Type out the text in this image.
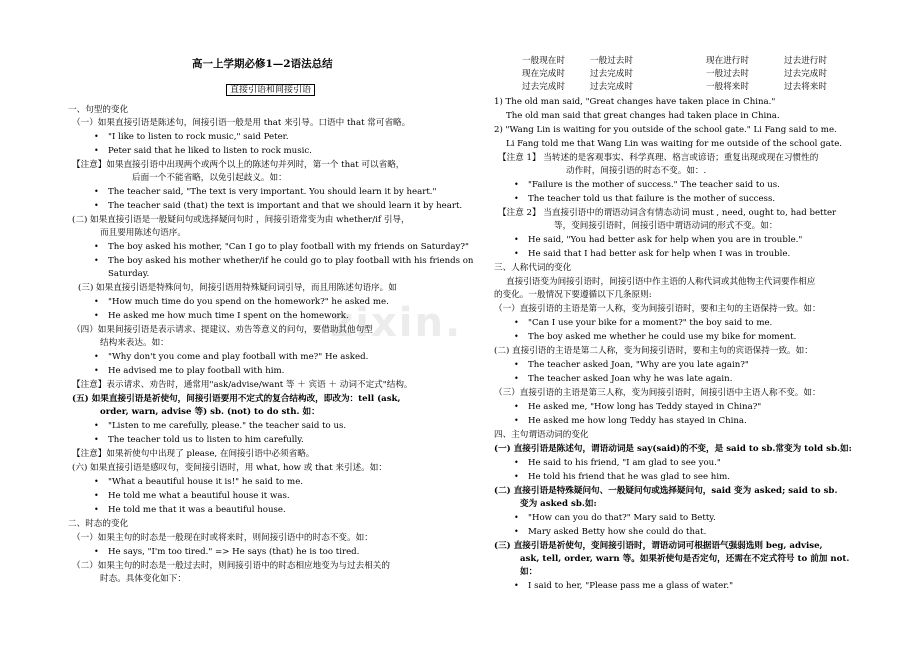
zixin.
高一上学期必修1—2语法总结
直接引语和间接引语
一、句型的变化
（一）如果直接引语是陈述句，间接引语一般是用 that 来引导。口语中 that 常可省略。
• "I like to listen to rock music," said Peter.
• Peter said that he liked to listen to rock music.
【注意】如果直接引语中出现两个或两个以上的陈述句并列时，第一个 that 可以省略，
后面一个不能省略，以免引起歧义。如：
• The teacher said, "The text is very important. You should learn it by heart."
• The teacher said (that) the text is important and that we should learn it by heart.
(二) 如果直接引语是一般疑问句或选择疑问句时 ，间接引语常变为由 whether/if 引导，
而且要用陈述句语序。
• The boy asked his mother, "Can I go to play football with my friends on Saturday?"
• The boy asked his mother whether/if he could go to play football with his friends on
Saturday.
(三) 如果直接引语是特殊问句，间接引语用特殊疑问词引导，而且用陈述句语序。如
• "How much time do you spend on the homework?" he asked me.
• He asked me how much time I spent on the homework.
（四）如果间接引语是表示请求、提建议、劝告等意义的问句，要借助其他句型
结构来表达。如：
• "Why don't you come and play football with me?" He asked.
• He advised me to play football with him.
【注意】表示请求、劝告时，通常用"ask/advise/want 等 ＋ 宾语 ＋ 动词不定式"结构。
(五) 如果直接引语是祈使句，间接引语要用不定式的复合结构改，即改为：tell (ask,
order, warn, advise 等) sb. (not) to do sth. 如：
• "Listen to me carefully, please." the teacher said to us.
• The teacher told us to listen to him carefully.
【注意】如果祈使句中出现了 please, 在间接引语中必须省略。
(六) 如果直接引语是感叹句，变间接引语时，用 what, how 或 that 来引述。如：
• "What a beautiful house it is!" he said to me.
• He told me what a beautiful house it was.
• He told me that it was a beautiful house.
二、时态的变化
（一）如果主句的时态是一般现在时或将来时，则间接引语中的时态不变。如：
• He says, "I'm too tired." => He says (that) he is too tired.
（二）如果主句的时态是一般过去时，则间接引语中的时态相应地变为与过去相关的
时态。具体变化如下：
一般现在时	一般过去时	现在进行时	过去进行时
现在完成时	过去完成时	一般过去时	过去完成时
过去完成时	过去完成时	一般将来时	过去将来时
1) The old man said, "Great changes have taken place in China."
The old man said that great changes had taken place in China.
2) "Wang Lin is waiting for you outside of the school gate." Li Fang said to me.
Li Fang told me that Wang Lin was waiting for me outside of the school gate.
【注意 1】 当转述的是客观事实、科学真理、格言或谚语；重复出现或现在习惯性的
动作时，间接引语的时态不变。如：.
• "Failure is the mother of success." The teacher said to us.
• The teacher told us that failure is the mother of success.
【注意 2】 当直接引语中的谓语动词含有情态动词 must , need, ought to, had better
等，变间接引语时，间接引语中谓语动词的形式不变。如：
• He said, "You had better ask for help when you are in trouble."
• He said that I had better ask for help when I was in trouble.
三、人称代词的变化
直接引语变为间接引语时，间接引语中作主语的人称代词或其他物主代词要作相应
的变化。一般情况下要遵循以下几条原则:
（一）直接引语的主语是第一人称，变为间接引语时，要和主句的主语保持一致。如：
• "Can I use your bike for a moment?" the boy said to me.
• The boy asked me whether he could use my bike for moment.
(二) 直接引语的主语是第二人称，变为间接引语时，要和主句的宾语保持一致。如：
• The teacher asked Joan, "Why are you late again?"
• The teacher asked Joan why he was late again.
（三）直接引语的主语是第三人称，变为间接引语时，间接引语中主语人称不变。如：
• He asked me, "How long has Teddy stayed in China?"
• He asked me how long Teddy has stayed in China.
四、主句谓语动词的变化
(一) 直接引语是陈述句，谓语动词是 say(said)的不变，是 said to sb.常变为 told sb.如:
• He said to his friend, "I am glad to see you."
• He told his friend that he was glad to see him.
(二) 直接引语是特殊疑问句、一般疑问句或选择疑问句，said 变为 asked; said to sb.
变为 asked sb.如:
• "How can you do that?" Mary said to Betty.
• Mary asked Betty how she could do that.
(三) 直接引语是祈使句，变间接引语时，谓语动词可根据语气强弱选则 beg, advise,
ask, tell, order, warn 等。如果祈使句是否定句，还需在不定式符号 to 前加 not.
如：
• I said to her, "Please pass me a glass of water."
